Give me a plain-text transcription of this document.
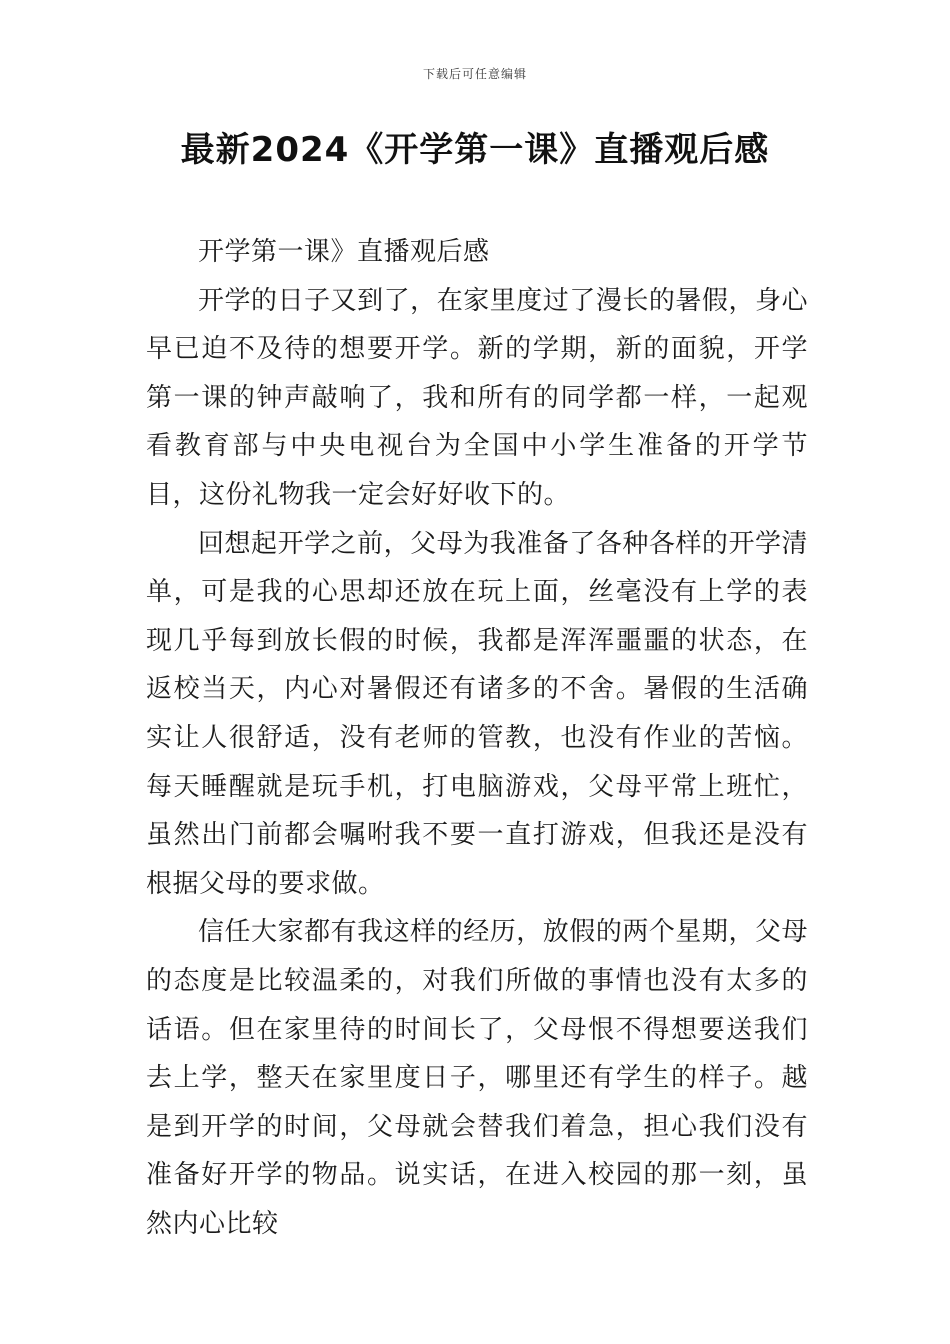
下载后可任意编辑
最新2024《开学第一课》直播观后感

开学第一课》直播观后感

开学的日子又到了，在家里度过了漫长的暑假，身心早已迫不及待的想要开学。新的学期，新的面貌，开学第一课的钟声敲响了，我和所有的同学都一样，一起观看教育部与中央电视台为全国中小学生准备的开学节目，这份礼物我一定会好好收下的。

回想起开学之前，父母为我准备了各种各样的开学清单，可是我的心思却还放在玩上面，丝毫没有上学的表现几乎每到放长假的时候，我都是浑浑噩噩的状态，在返校当天，内心对暑假还有诸多的不舍。暑假的生活确实让人很舒适，没有老师的管教，也没有作业的苦恼。每天睡醒就是玩手机，打电脑游戏，父母平常上班忙，虽然出门前都会嘱咐我不要一直打游戏，但我还是没有根据父母的要求做。

信任大家都有我这样的经历，放假的两个星期，父母的态度是比较温柔的，对我们所做的事情也没有太多的话语。但在家里待的时间长了，父母恨不得想要送我们去上学，整天在家里度日子，哪里还有学生的样子。越是到开学的时间，父母就会替我们着急，担心我们没有准备好开学的物品。说实话，在进入校园的那一刻，虽然内心比较
